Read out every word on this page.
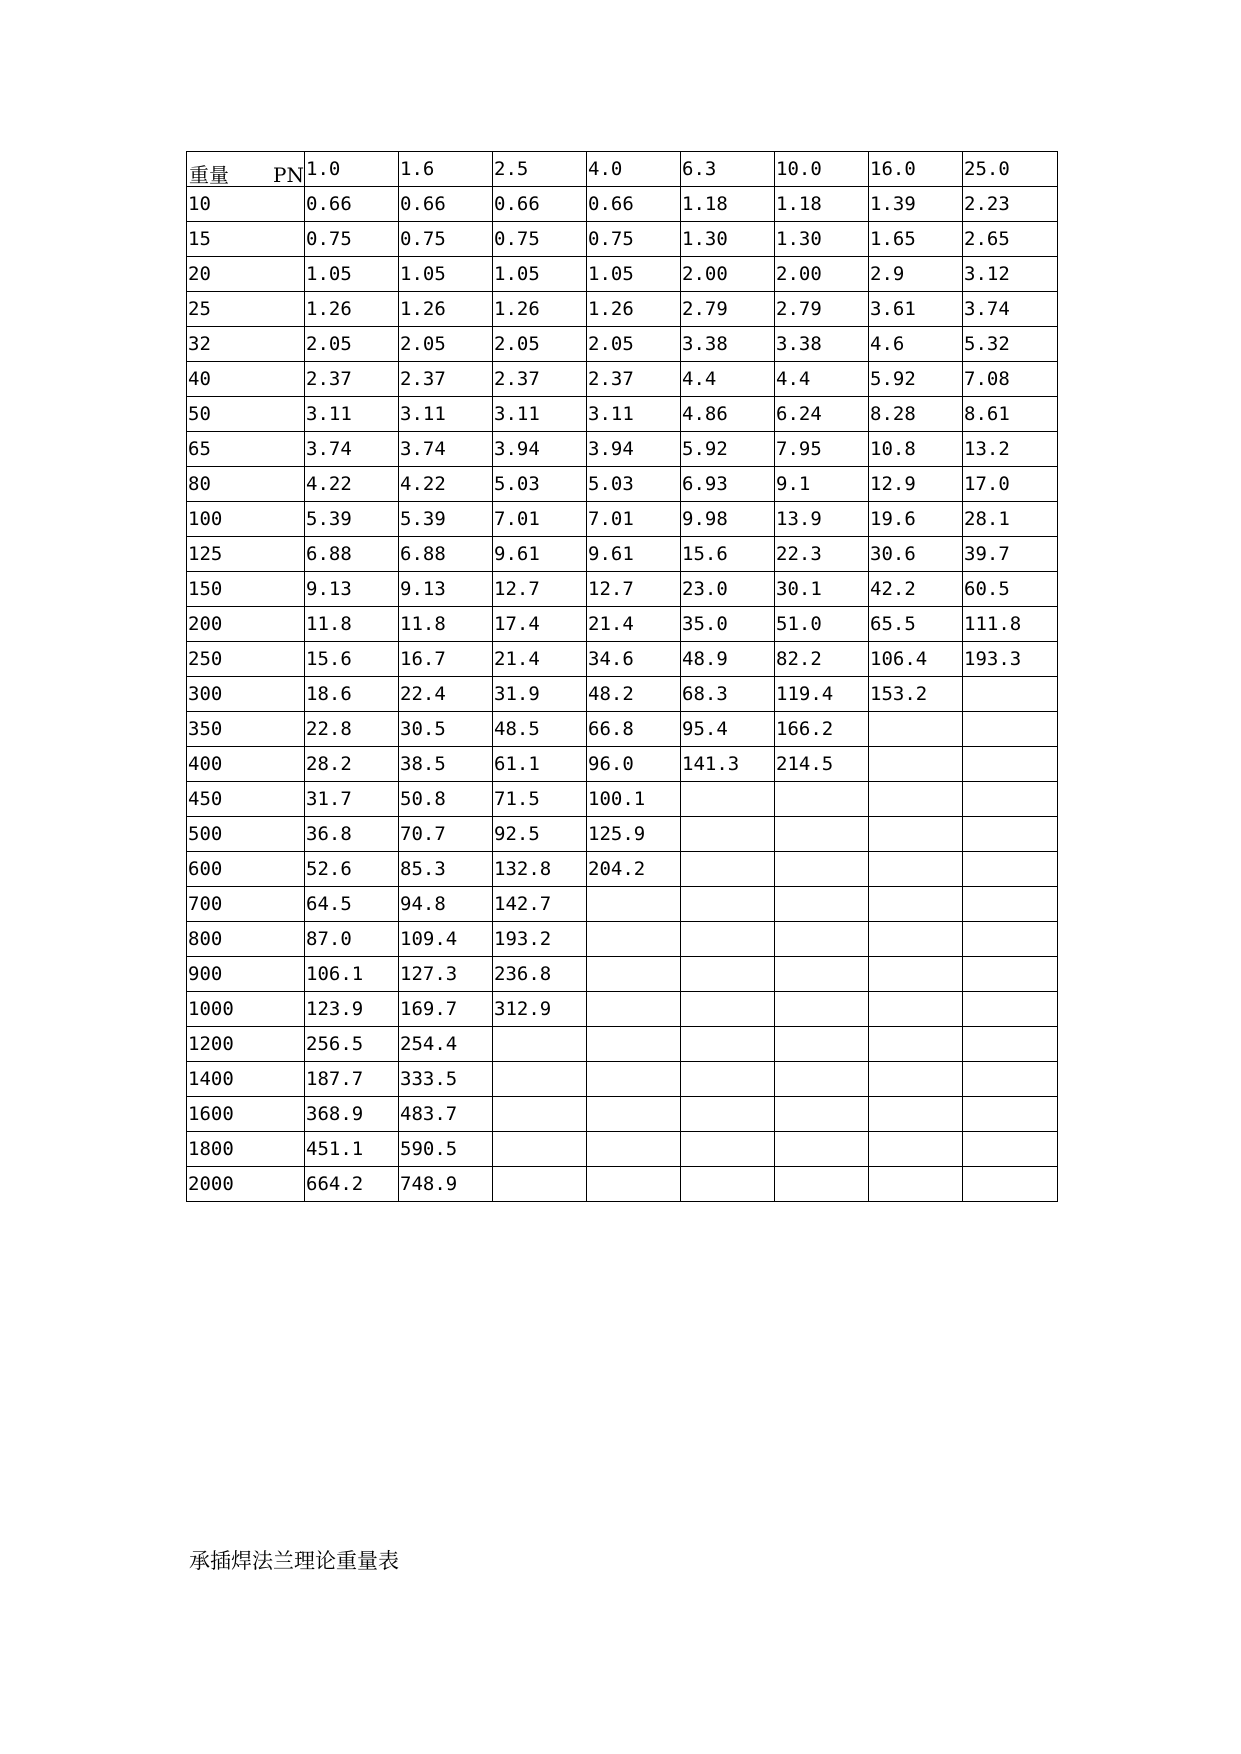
重量 PN	1.0	1.6	2.5	4.0	6.3	10.0	16.0	25.0
10	0.66	0.66	0.66	0.66	1.18	1.18	1.39	2.23
15	0.75	0.75	0.75	0.75	1.30	1.30	1.65	2.65
20	1.05	1.05	1.05	1.05	2.00	2.00	2.9	3.12
25	1.26	1.26	1.26	1.26	2.79	2.79	3.61	3.74
32	2.05	2.05	2.05	2.05	3.38	3.38	4.6	5.32
40	2.37	2.37	2.37	2.37	4.4	4.4	5.92	7.08
50	3.11	3.11	3.11	3.11	4.86	6.24	8.28	8.61
65	3.74	3.74	3.94	3.94	5.92	7.95	10.8	13.2
80	4.22	4.22	5.03	5.03	6.93	9.1	12.9	17.0
100	5.39	5.39	7.01	7.01	9.98	13.9	19.6	28.1
125	6.88	6.88	9.61	9.61	15.6	22.3	30.6	39.7
150	9.13	9.13	12.7	12.7	23.0	30.1	42.2	60.5
200	11.8	11.8	17.4	21.4	35.0	51.0	65.5	111.8
250	15.6	16.7	21.4	34.6	48.9	82.2	106.4	193.3
300	18.6	22.4	31.9	48.2	68.3	119.4	153.2	
350	22.8	30.5	48.5	66.8	95.4	166.2		
400	28.2	38.5	61.1	96.0	141.3	214.5		
450	31.7	50.8	71.5	100.1				
500	36.8	70.7	92.5	125.9				
600	52.6	85.3	132.8	204.2				
700	64.5	94.8	142.7					
800	87.0	109.4	193.2					
900	106.1	127.3	236.8					
1000	123.9	169.7	312.9					
1200	256.5	254.4						
1400	187.7	333.5						
1600	368.9	483.7						
1800	451.1	590.5						
2000	664.2	748.9						
承插焊法兰理论重量表
